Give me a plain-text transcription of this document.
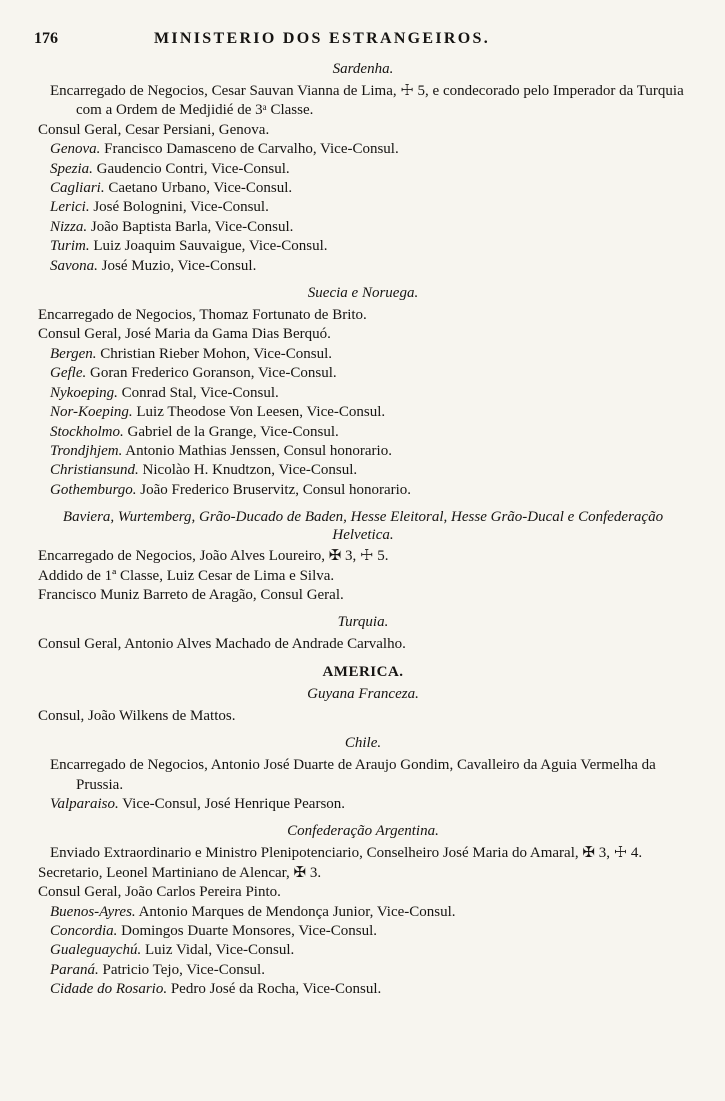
176	MINISTERIO DOS ESTRANGEIROS.
Sardenha.
Encarregado de Negocios, Cesar Sauvan Vianna de Lima, ☩ 5, e condecorado pelo Imperador da Turquia com a Ordem de Medjidié de 3ᵃ Classe.
Consul Geral, Cesar Persiani, Genova.
Genova. Francisco Damasceno de Carvalho, Vice-Consul.
Spezia. Gaudencio Contri, Vice-Consul.
Cagliari. Caetano Urbano, Vice-Consul.
Lerici. José Bolognini, Vice-Consul.
Nizza. João Baptista Barla, Vice-Consul.
Turim. Luiz Joaquim Sauvaigue, Vice-Consul.
Savona. José Muzio, Vice-Consul.
Suecia e Noruega.
Encarregado de Negocios, Thomaz Fortunato de Brito.
Consul Geral, José Maria da Gama Dias Berquó.
Bergen. Christian Rieber Mohon, Vice-Consul.
Gefle. Goran Frederico Goranson, Vice-Consul.
Nykoeping. Conrad Stal, Vice-Consul.
Nor-Koeping. Luiz Theodose Von Leesen, Vice-Consul.
Stockholmo. Gabriel de la Grange, Vice-Consul.
Trondjhjem. Antonio Mathias Jenssen, Consul honorario.
Christiansund. Nicolào H. Knudtzon, Vice-Consul.
Gothemburgo. João Frederico Bruservitz, Consul honorario.
Baviera, Wurtemberg, Grão-Ducado de Baden, Hesse Eleitoral, Hesse Grão-Ducal e Confederação Helvetica.
Encarregado de Negocios, João Alves Loureiro, ✠ 3, ☩ 5.
Addido de 1ª Classe, Luiz Cesar de Lima e Silva.
Francisco Muniz Barreto de Aragão, Consul Geral.
Turquia.
Consul Geral, Antonio Alves Machado de Andrade Carvalho.
AMERICA.
Guyana Franceza.
Consul, João Wilkens de Mattos.
Chile.
Encarregado de Negocios, Antonio José Duarte de Araujo Gondim, Cavalleiro da Aguia Vermelha da Prussia.
Valparaiso. Vice-Consul, José Henrique Pearson.
Confederação Argentina.
Enviado Extraordinario e Ministro Plenipotenciario, Conselheiro José Maria do Amaral, ✠ 3, ☩ 4.
Secretario, Leonel Martiniano de Alencar, ✠ 3.
Consul Geral, João Carlos Pereira Pinto.
Buenos-Ayres. Antonio Marques de Mendonça Junior, Vice-Consul.
Concordia. Domingos Duarte Monsores, Vice-Consul.
Gualeguaychú. Luiz Vidal, Vice-Consul.
Paraná. Patricio Tejo, Vice-Consul.
Cidade do Rosario. Pedro José da Rocha, Vice-Consul.
